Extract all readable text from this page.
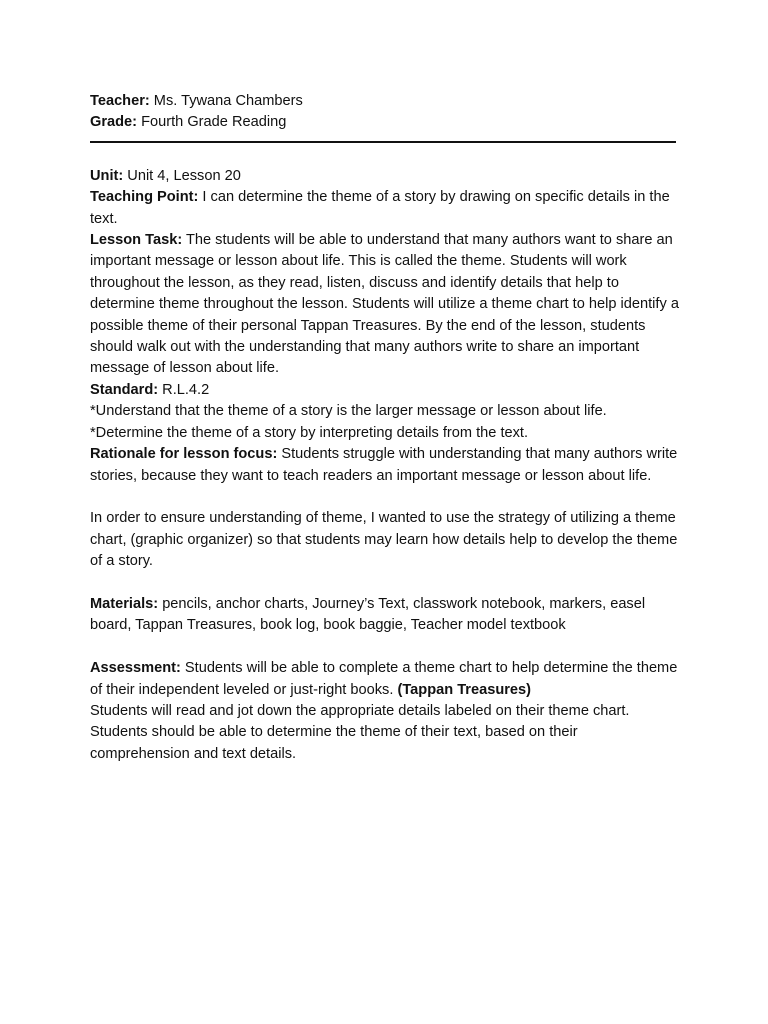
Teacher: Ms. Tywana Chambers

Grade: Fourth Grade Reading

Unit: Unit 4, Lesson 20

Teaching Point: I can determine the theme of a story by drawing on specific details in the text.

Lesson Task: The students will be able to understand that many authors want to share an important message or lesson about life. This is called the theme. Students will work throughout the lesson, as they read, listen, discuss and identify details that help to determine theme throughout the lesson. Students will utilize a theme chart to help identify a possible theme of their personal Tappan Treasures. By the end of the lesson, students should walk out with the understanding that many authors write to share an important message of lesson about life.

Standard: R.L.4.2

*Understand that the theme of a story is the larger message or lesson about life.

*Determine the theme of a story by interpreting details from the text.

Rationale for lesson focus: Students struggle with understanding that many authors write stories, because they want to teach readers an important message or lesson about life.

In order to ensure understanding of theme, I wanted to use the strategy of utilizing a theme chart, (graphic organizer) so that students may learn how details help to develop the theme of a story.

Materials: pencils, anchor charts, Journey’s Text, classwork notebook, markers, easel board, Tappan Treasures, book log, book baggie, Teacher model textbook

Assessment: Students will be able to complete a theme chart to help determine the theme of their independent leveled or just-right books. (Tappan Treasures)

Students will read and jot down the appropriate details labeled on their theme chart. Students should be able to determine the theme of their text, based on their comprehension and text details.
